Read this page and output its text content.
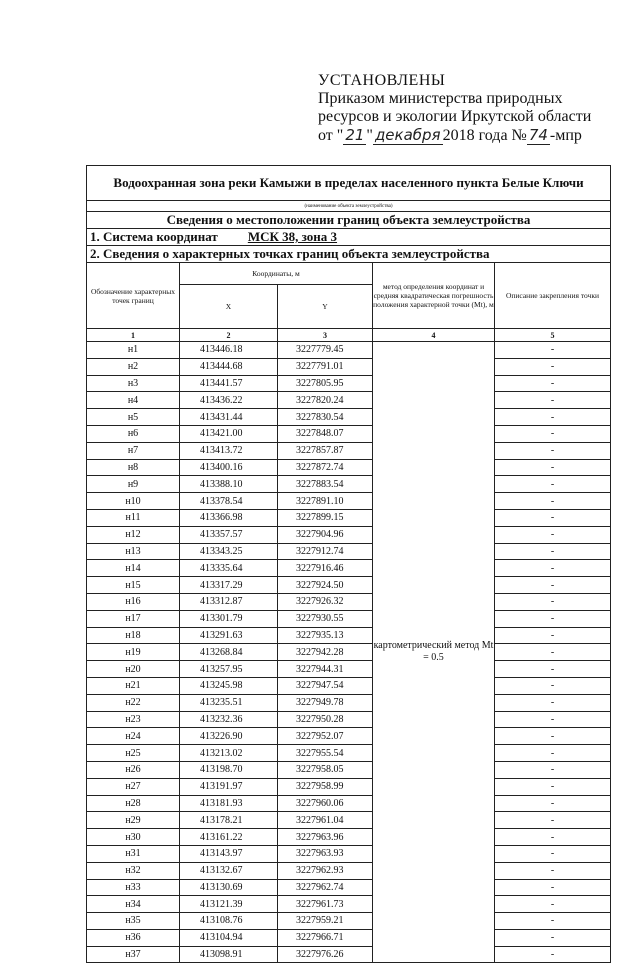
УСТАНОВЛЕНЫ
Приказом министерства природных
ресурсов и экологии Иркутской области
от " 21 "декабря2018 года № 74 -мпр
Водоохранная зона реки Камыжи в пределах населенного пункта Белые Ключи				
(наименование объекта землеустройства)				
Сведения о местоположении границ объекта землеустройства				
1. Система координат МСК 38, зона 3				
2. Сведения о характерных точках границ объекта землеустройства				
Обозначение характерных точек границ	Координаты, м		метод определения координат и средняя квадратическая погрешность положения характерной точки (Мt), м	Описание закрепления точки
	X	Y		
1	2	3	4	5
н1	413446.18	3227779.45	картометрический метод Mt = 0.5	-
н2	413444.68	3227791.01		-
н3	413441.57	3227805.95		-
н4	413436.22	3227820.24		-
н5	413431.44	3227830.54		-
н6	413421.00	3227848.07		-
н7	413413.72	3227857.87		-
н8	413400.16	3227872.74		-
н9	413388.10	3227883.54		-
н10	413378.54	3227891.10		-
н11	413366.98	3227899.15		-
н12	413357.57	3227904.96		-
н13	413343.25	3227912.74		-
н14	413335.64	3227916.46		-
н15	413317.29	3227924.50		-
н16	413312.87	3227926.32		-
н17	413301.79	3227930.55		-
н18	413291.63	3227935.13		-
н19	413268.84	3227942.28		-
н20	413257.95	3227944.31		-
н21	413245.98	3227947.54		-
н22	413235.51	3227949.78		-
н23	413232.36	3227950.28		-
н24	413226.90	3227952.07		-
н25	413213.02	3227955.54		-
н26	413198.70	3227958.05		-
н27	413191.97	3227958.99		-
н28	413181.93	3227960.06		-
н29	413178.21	3227961.04		-
н30	413161.22	3227963.96		-
н31	413143.97	3227963.93		-
н32	413132.67	3227962.93		-
н33	413130.69	3227962.74		-
н34	413121.39	3227961.73		-
н35	413108.76	3227959.21		-
н36	413104.94	3227966.71		-
н37	413098.91	3227976.26		-
